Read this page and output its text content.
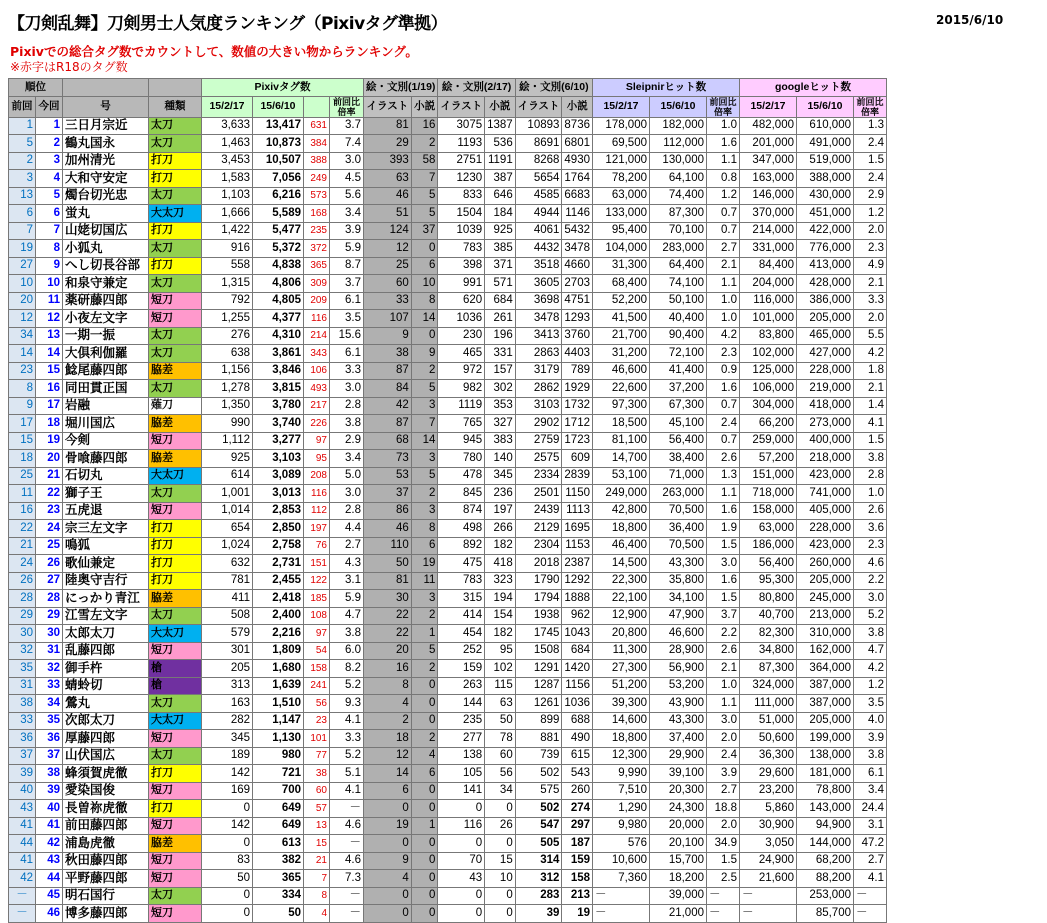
【刀剣乱舞】刀剣男士人気度ランキング（Pixivタグ準拠）	2015/6/10
Pixivでの総合タグ数でカウントして、数値の大きい物からランキング。
※赤字はR18のタグ数
順位				Pixivタグ数				絵・文別(1/19)		絵・文別(2/17)		絵・文別(6/10)		Sleipnirヒット数			googleヒット数		
前回	今回	号	種類	15/2/17	15/6/10		前回比倍率	イラスト	小説	イラスト	小説	イラスト	小説	15/2/17	15/6/10	前回比倍率	15/2/17	15/6/10	前回比倍率
1	1	三日月宗近	太刀	3,633	13,417	631	3.7	81	16	3075	1387	10893	8736	178,000	182,000	1.0	482,000	610,000	1.3
5	2	鶴丸国永	太刀	1,463	10,873	384	7.4	29	2	1193	536	8691	6801	69,500	112,000	1.6	201,000	491,000	2.4
2	3	加州清光	打刀	3,453	10,507	388	3.0	393	58	2751	1191	8268	4930	121,000	130,000	1.1	347,000	519,000	1.5
3	4	大和守安定	打刀	1,583	7,056	249	4.5	63	7	1230	387	5654	1764	78,200	64,100	0.8	163,000	388,000	2.4
13	5	燭台切光忠	太刀	1,103	6,216	573	5.6	46	5	833	646	4585	6683	63,000	74,400	1.2	146,000	430,000	2.9
6	6	蛍丸	大太刀	1,666	5,589	168	3.4	51	5	1504	184	4944	1146	133,000	87,300	0.7	370,000	451,000	1.2
7	7	山姥切国広	打刀	1,422	5,477	235	3.9	124	37	1039	925	4061	5432	95,400	70,100	0.7	214,000	422,000	2.0
19	8	小狐丸	太刀	916	5,372	372	5.9	12	0	783	385	4432	3478	104,000	283,000	2.7	331,000	776,000	2.3
27	9	へし切長谷部	打刀	558	4,838	365	8.7	25	6	398	371	3518	4660	31,300	64,400	2.1	84,400	413,000	4.9
10	10	和泉守兼定	太刀	1,315	4,806	309	3.7	60	10	991	571	3605	2703	68,400	74,100	1.1	204,000	428,000	2.1
20	11	薬研藤四郎	短刀	792	4,805	209	6.1	33	8	620	684	3698	4751	52,200	50,100	1.0	116,000	386,000	3.3
12	12	小夜左文字	短刀	1,255	4,377	116	3.5	107	14	1036	261	3478	1293	41,500	40,400	1.0	101,000	205,000	2.0
34	13	一期一振	太刀	276	4,310	214	15.6	9	0	230	196	3413	3760	21,700	90,400	4.2	83,800	465,000	5.5
14	14	大倶利伽羅	太刀	638	3,861	343	6.1	38	9	465	331	2863	4403	31,200	72,100	2.3	102,000	427,000	4.2
23	15	鯰尾藤四郎	脇差	1,156	3,846	106	3.3	87	2	972	157	3179	789	46,600	41,400	0.9	125,000	228,000	1.8
8	16	同田貫正国	太刀	1,278	3,815	493	3.0	84	5	982	302	2862	1929	22,600	37,200	1.6	106,000	219,000	2.1
9	17	岩融	薙刀	1,350	3,780	217	2.8	42	3	1119	353	3103	1732	97,300	67,300	0.7	304,000	418,000	1.4
17	18	堀川国広	脇差	990	3,740	226	3.8	87	7	765	327	2902	1712	18,500	45,100	2.4	66,200	273,000	4.1
15	19	今剣	短刀	1,112	3,277	97	2.9	68	14	945	383	2759	1723	81,100	56,400	0.7	259,000	400,000	1.5
18	20	骨喰藤四郎	脇差	925	3,103	95	3.4	73	3	780	140	2575	609	14,700	38,400	2.6	57,200	218,000	3.8
25	21	石切丸	大太刀	614	3,089	208	5.0	53	5	478	345	2334	2839	53,100	71,000	1.3	151,000	423,000	2.8
11	22	獅子王	太刀	1,001	3,013	116	3.0	37	2	845	236	2501	1150	249,000	263,000	1.1	718,000	741,000	1.0
16	23	五虎退	短刀	1,014	2,853	112	2.8	86	3	874	197	2439	1113	42,800	70,500	1.6	158,000	405,000	2.6
22	24	宗三左文字	打刀	654	2,850	197	4.4	46	8	498	266	2129	1695	18,800	36,400	1.9	63,000	228,000	3.6
21	25	鳴狐	打刀	1,024	2,758	76	2.7	110	6	892	182	2304	1153	46,400	70,500	1.5	186,000	423,000	2.3
24	26	歌仙兼定	打刀	632	2,731	151	4.3	50	19	475	418	2018	2387	14,500	43,300	3.0	56,400	260,000	4.6
26	27	陸奥守吉行	打刀	781	2,455	122	3.1	81	11	783	323	1790	1292	22,300	35,800	1.6	95,300	205,000	2.2
28	28	にっかり青江	脇差	411	2,418	185	5.9	30	3	315	194	1794	1888	22,100	34,100	1.5	80,800	245,000	3.0
29	29	江雪左文字	太刀	508	2,400	108	4.7	22	2	414	154	1938	962	12,900	47,900	3.7	40,700	213,000	5.2
30	30	太郎太刀	大太刀	579	2,216	97	3.8	22	1	454	182	1745	1043	20,800	46,600	2.2	82,300	310,000	3.8
32	31	乱藤四郎	短刀	301	1,809	54	6.0	20	5	252	95	1508	684	11,300	28,900	2.6	34,800	162,000	4.7
35	32	御手杵	槍	205	1,680	158	8.2	16	2	159	102	1291	1420	27,300	56,900	2.1	87,300	364,000	4.2
31	33	蜻蛉切	槍	313	1,639	241	5.2	8	0	263	115	1287	1156	51,200	53,200	1.0	324,000	387,000	1.2
38	34	鶯丸	太刀	163	1,510	56	9.3	4	0	144	63	1261	1036	39,300	43,900	1.1	111,000	387,000	3.5
33	35	次郎太刀	大太刀	282	1,147	23	4.1	2	0	235	50	899	688	14,600	43,300	3.0	51,000	205,000	4.0
36	36	厚藤四郎	短刀	345	1,130	101	3.3	18	2	277	78	881	490	18,800	37,400	2.0	50,600	199,000	3.9
37	37	山伏国広	太刀	189	980	77	5.2	12	4	138	60	739	615	12,300	29,900	2.4	36,300	138,000	3.8
39	38	蜂須賀虎徹	打刀	142	721	38	5.1	14	6	105	56	502	543	9,990	39,100	3.9	29,600	181,000	6.1
40	39	愛染国俊	短刀	169	700	60	4.1	6	0	141	34	575	260	7,510	20,300	2.7	23,200	78,800	3.4
43	40	長曽祢虎徹	打刀	0	649	57	－	0	0	0	0	502	274	1,290	24,300	18.8	5,860	143,000	24.4
41	41	前田藤四郎	短刀	142	649	13	4.6	19	1	116	26	547	297	9,980	20,000	2.0	30,900	94,900	3.1
44	42	浦島虎徹	脇差	0	613	15	－	0	0	0	0	505	187	576	20,100	34.9	3,050	144,000	47.2
41	43	秋田藤四郎	短刀	83	382	21	4.6	9	0	70	15	314	159	10,600	15,700	1.5	24,900	68,200	2.7
42	44	平野藤四郎	短刀	50	365	7	7.3	4	0	43	10	312	158	7,360	18,200	2.5	21,600	88,200	4.1
－	45	明石国行	太刀	0	334	8	－	0	0	0	0	283	213	－	39,000	－	－	253,000	－
－	46	博多藤四郎	短刀	0	50	4	－	0	0	0	0	39	19	－	21,000	－	－	85,700	－
